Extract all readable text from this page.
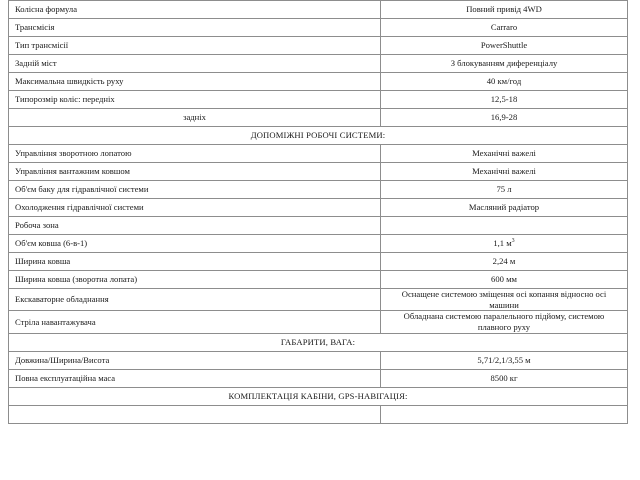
Колісна формула	Повний привід 4WD
Трансмісія	Carraro
Тип трансмісії	PowerShuttle
Задній міст	З блокуванням диференціалу
Максимальна швидкість руху	40 км/год
Типорозмір коліс: передніх	12,5-18
задніх	16,9-28
ДОПОМІЖНІ РОБОЧІ СИСТЕМИ:	
Управління зворотною лопатою	Механічні важелі
Управління вантажним ковшом	Механічні важелі
Об'єм баку для гідравлічної системи	75 л
Охолодження гідравлічної системи	Масляний радіатор
Робоча зона	
Об'єм ковша (6-в-1)	1,1 $м^3$
Ширина ковша	2,24 м
Ширина ковша (зворотна лопата)	600 мм
Екскаваторне обладнання	Оснащене системою зміщення осі копання відносно осі машини
Стріла навантажувача	Обладнана системою паралельного підйому, системою плавного руху
ГАБАРИТИ, ВАГА:	
Довжина/Ширина/Висота	5,71/2,1/3,55 м
Повна експлуатаційна маса	8500 кг
КОМПЛЕКТАЦІЯ КАБІНИ, GPS-НАВІГАЦІЯ:	
